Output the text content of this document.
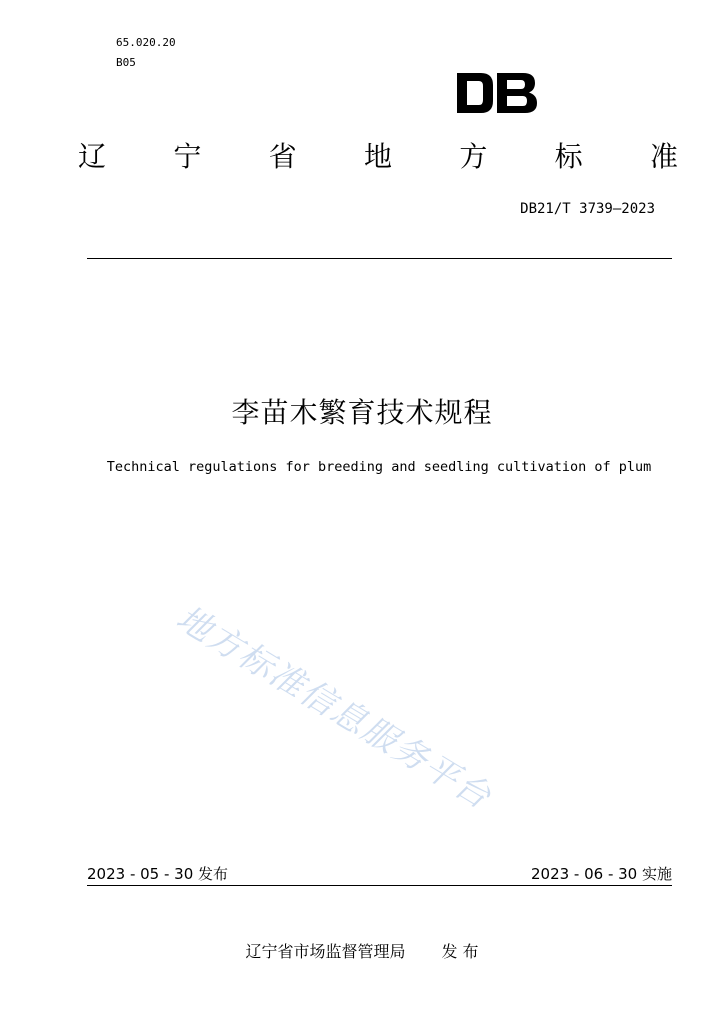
65.020.20
B05
辽 宁 省 地 方 标 准
DB21/T 3739—2023
李苗木繁育技术规程
Technical regulations for breeding and seedling cultivation of plum
地方标准信息服务平台
2023 - 05 - 30 发布	2023 - 06 - 30 实施
辽宁省市场监督管理局 发 布
